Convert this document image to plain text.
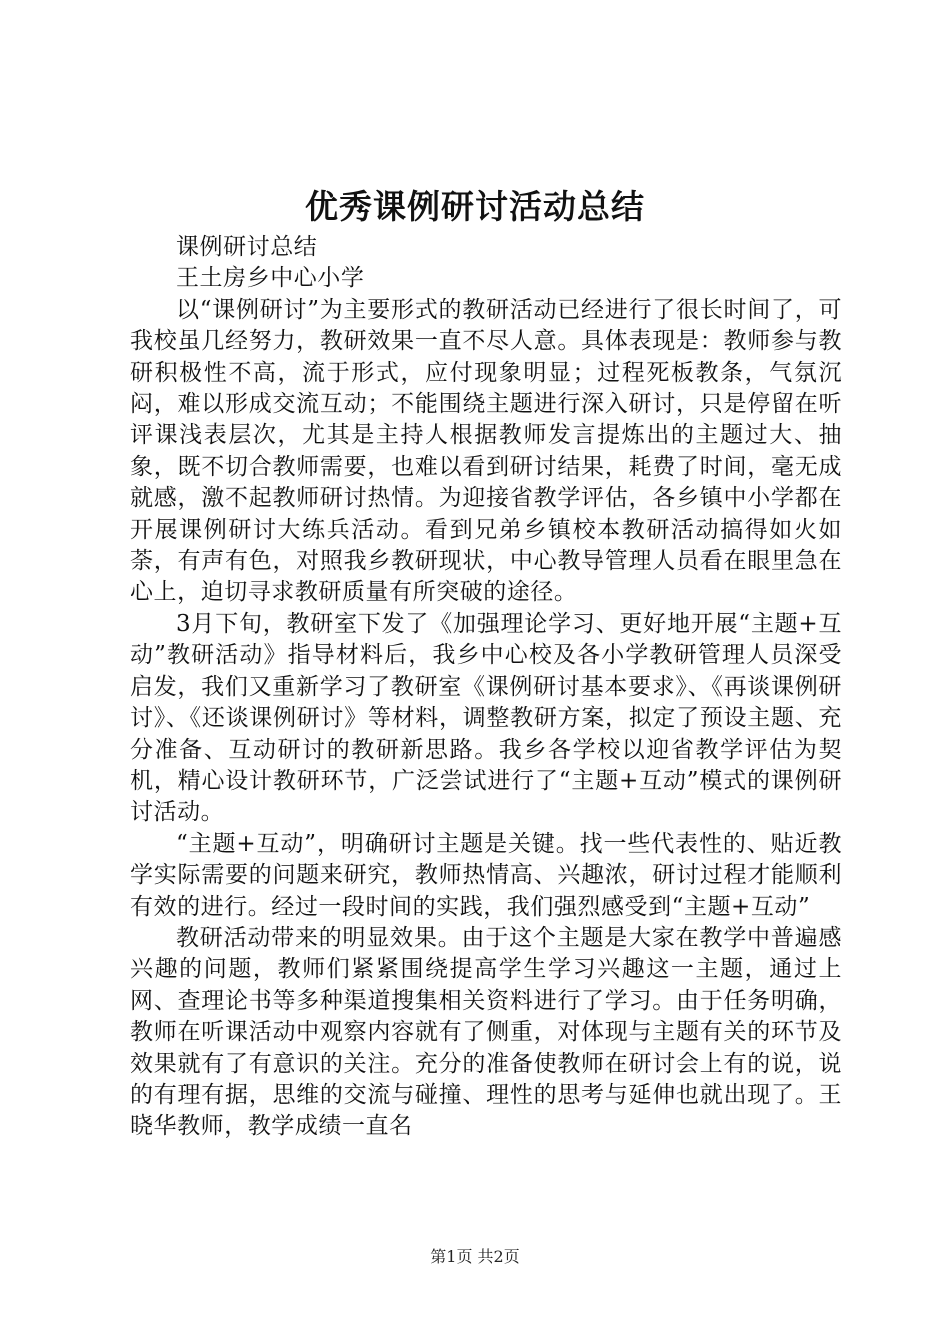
优秀课例研讨活动总结

课例研讨总结

王土房乡中心小学

以“课例研讨”为主要形式的教研活动已经进行了很长时间了，可我校虽几经努力，教研效果一直不尽人意。具体表现是：教师参与教研积极性不高，流于形式，应付现象明显；过程死板教条，气氛沉闷，难以形成交流互动；不能围绕主题进行深入研讨，只是停留在听评课浅表层次，尤其是主持人根据教师发言提炼出的主题过大、抽象，既不切合教师需要，也难以看到研讨结果，耗费了时间，毫无成就感，激不起教师研讨热情。为迎接省教学评估，各乡镇中小学都在开展课例研讨大练兵活动。看到兄弟乡镇校本教研活动搞得如火如荼，有声有色，对照我乡教研现状，中心教导管理人员看在眼里急在心上，迫切寻求教研质量有所突破的途径。

3月下旬，教研室下发了《加强理论学习、更好地开展“主题+互动”教研活动》指导材料后，我乡中心校及各小学教研管理人员深受启发，我们又重新学习了教研室《课例研讨基本要求》、《再谈课例研讨》、《还谈课例研讨》等材料，调整教研方案，拟定了预设主题、充分准备、互动研讨的教研新思路。我乡各学校以迎省教学评估为契机，精心设计教研环节，广泛尝试进行了“主题+互动”模式的课例研讨活动。

“主题+互动”，明确研讨主题是关键。找一些代表性的、贴近教学实际需要的问题来研究，教师热情高、兴趣浓，研讨过程才能顺利有效的进行。经过一段时间的实践，我们强烈感受到“主题+互动”

教研活动带来的明显效果。由于这个主题是大家在教学中普遍感兴趣的问题，教师们紧紧围绕提高学生学习兴趣这一主题，通过上网、查理论书等多种渠道搜集相关资料进行了学习。由于任务明确，教师在听课活动中观察内容就有了侧重，对体现与主题有关的环节及效果就有了有意识的关注。充分的准备使教师在研讨会上有的说，说的有理有据，思维的交流与碰撞、理性的思考与延伸也就出现了。王晓华教师，教学成绩一直名

第1页 共2页
